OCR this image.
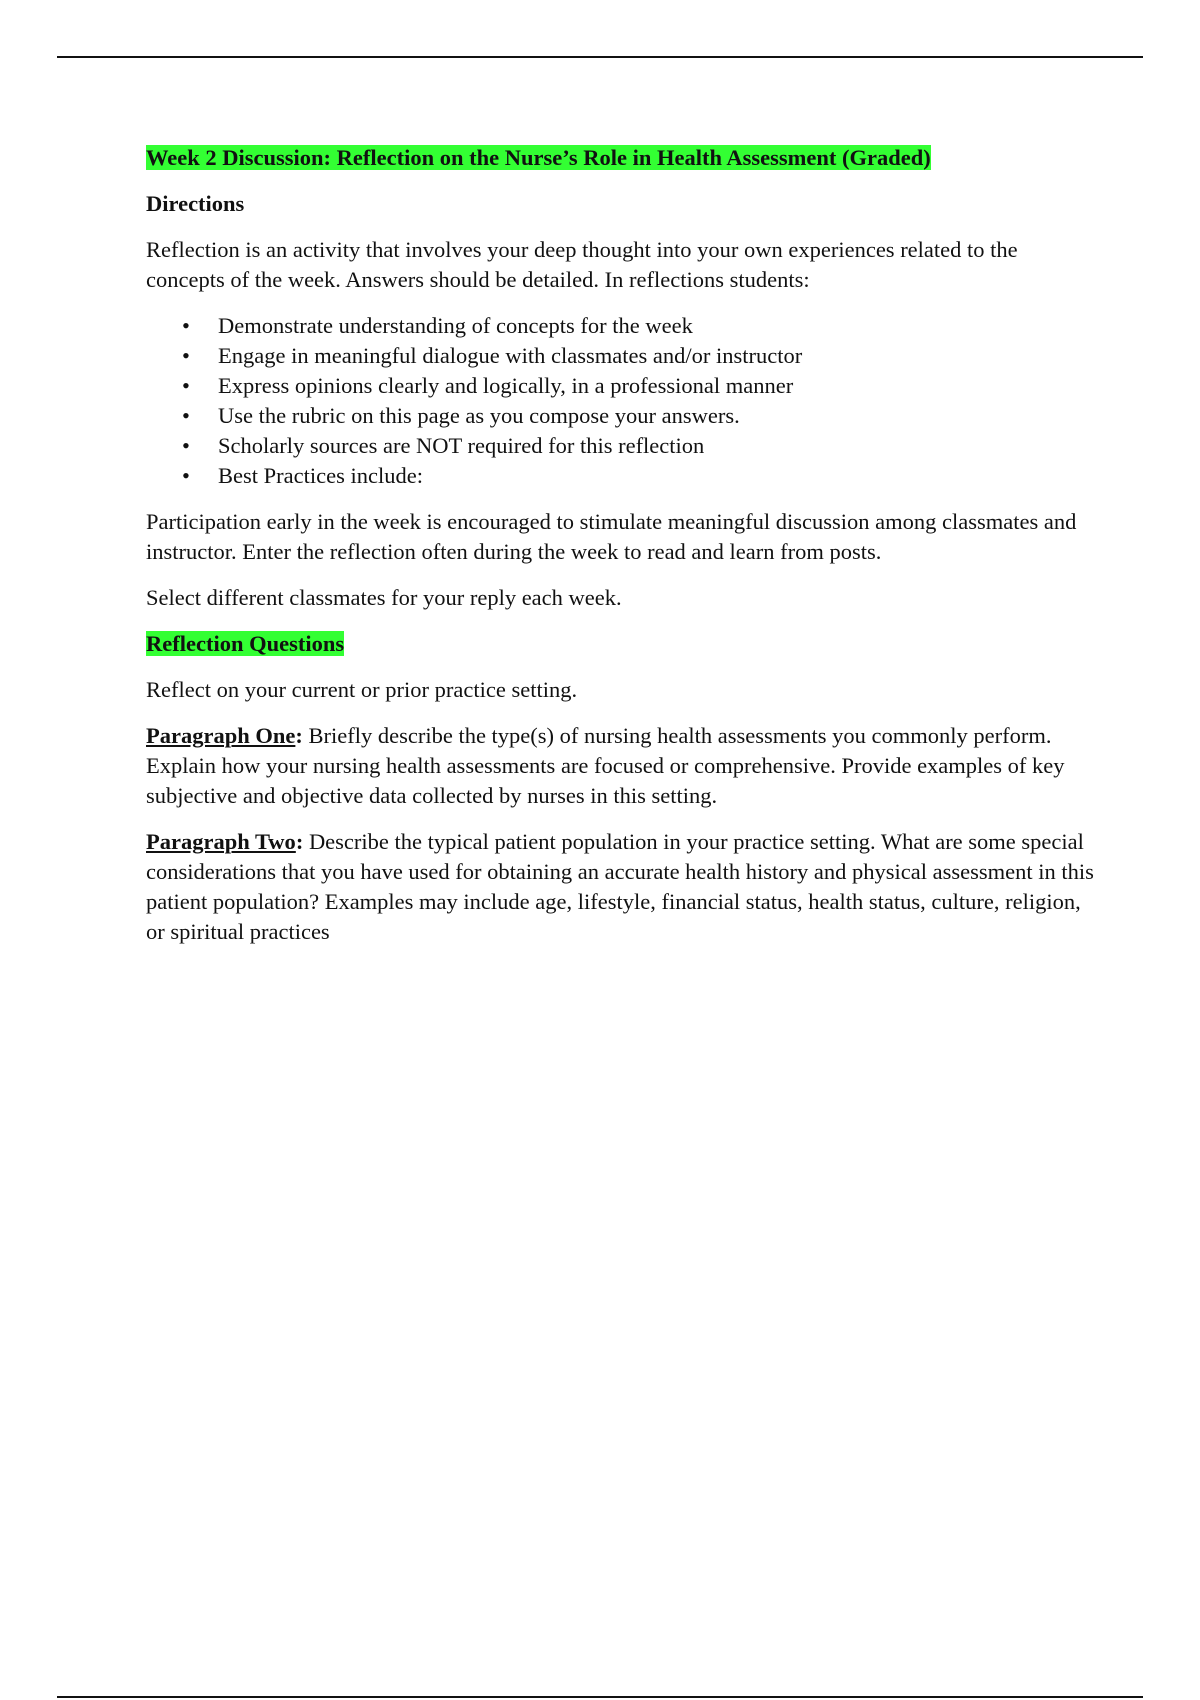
Week 2 Discussion: Reflection on the Nurse’s Role in Health Assessment (Graded)

Directions

Reflection is an activity that involves your deep thought into your own experiences related to the concepts of the week. Answers should be detailed. In reflections students:

• Demonstrate understanding of concepts for the week
• Engage in meaningful dialogue with classmates and/or instructor
• Express opinions clearly and logically, in a professional manner
• Use the rubric on this page as you compose your answers.
• Scholarly sources are NOT required for this reflection
• Best Practices include:

Participation early in the week is encouraged to stimulate meaningful discussion among classmates and instructor. Enter the reflection often during the week to read and learn from posts.

Select different classmates for your reply each week.

Reflection Questions

Reflect on your current or prior practice setting.

Paragraph One: Briefly describe the type(s) of nursing health assessments you commonly perform. Explain how your nursing health assessments are focused or comprehensive. Provide examples of key subjective and objective data collected by nurses in this setting.

Paragraph Two: Describe the typical patient population in your practice setting. What are some special considerations that you have used for obtaining an accurate health history and physical assessment in this patient population? Examples may include age, lifestyle, financial status, health status, culture, religion, or spiritual practices
